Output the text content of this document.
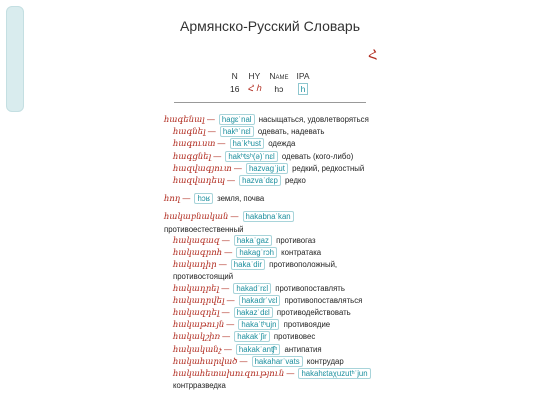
Армянско-Русский Словарь
Հ
N	HY	Name	IPA
16	Հ հ	hɔ	h
հագենալ — hagɛˈnal насыщаться, удовлетворяться
հագնել — hakʰˈnɛl одевать, надевать
հագուստ — haˈkʰust одежда
հագցնել — hakʰtsʰ(ə)ˈnɛl одевать (кого-либо)
հազվագյուտ — hazvagˈjut редкий, редкостный
հազվադեպ — hazvaˈdɛp редко
հող — hɔʁ земля, почва
հակաբնական — hakabnaˈkan противоестественный
հակագազ — hakaˈgaz противогаз
հակագրոհ — hakagˈrɔh контратака
հակադիր — hakaˈdir противоположный, противостоящий
հակադրել — hakadˈrɛl противопоставлять
հակադրվել — hakadrˈvɛl противопоставляться
հակազդել — hakazˈdɛl противодействовать
հակաթույն — hakaˈtʰujn противоядие
հակակշիռ — hakakˈʃir противовес
հակականչ — hakakˈanʧʰ антипатия
հակահարված — hakaharˈvats контрудар
հակահետախուզություն — hakahɛtaχuzutʰˈjun контрразведка
